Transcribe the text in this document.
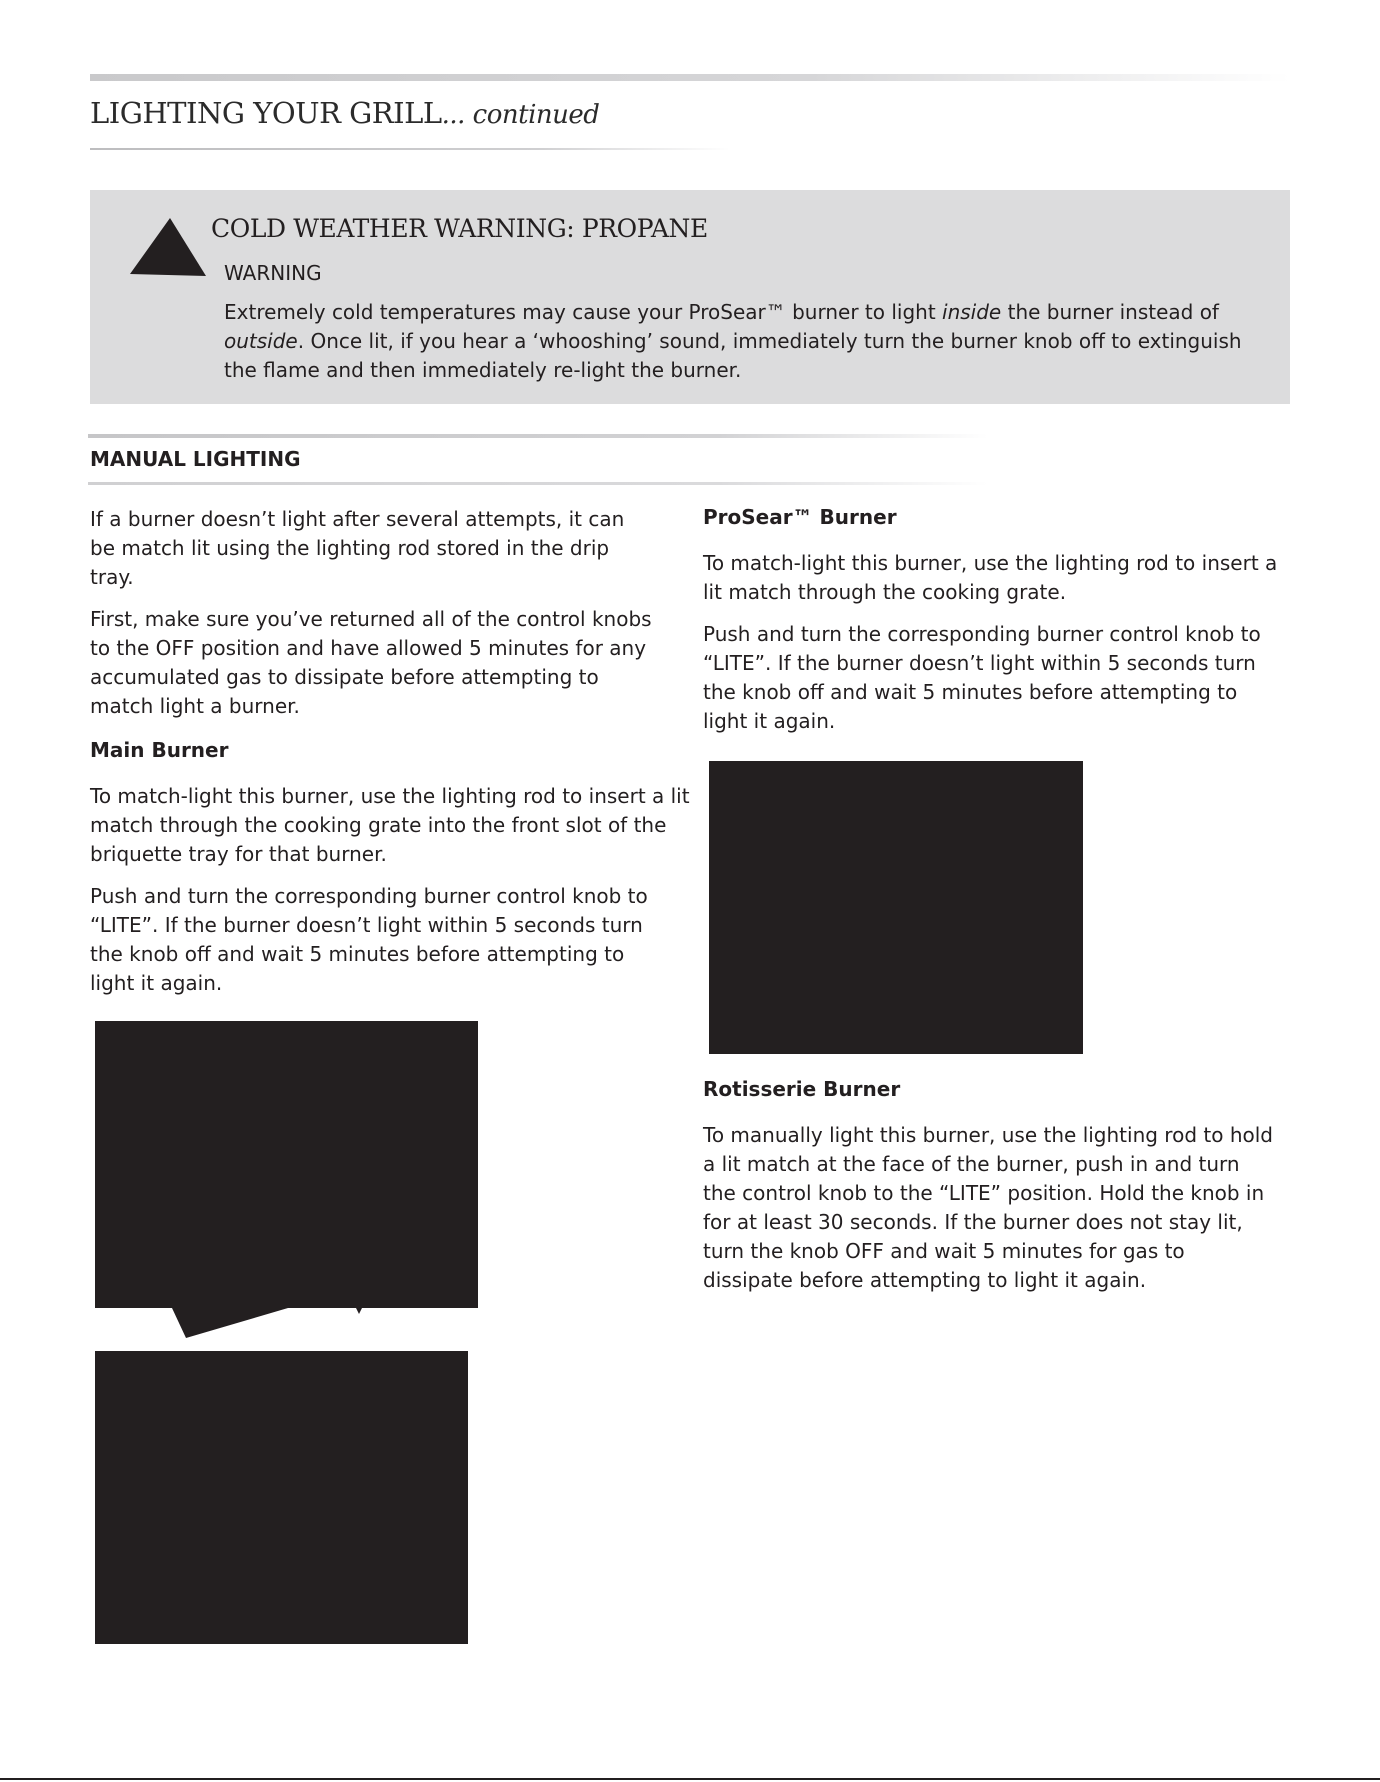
LIGHTING YOUR GRILL... continued
COLD WEATHER WARNING: PROPANE
WARNING

Extremely cold temperatures may cause your ProSear™ burner to light inside the burner instead of outside. Once lit, if you hear a ‘whooshing’ sound, immediately turn the burner knob off to extinguish the flame and then immediately re-light the burner.

MANUAL LIGHTING

If a burner doesn’t light after several attempts, it can be match lit using the lighting rod stored in the drip tray.

First, make sure you’ve returned all of the control knobs to the OFF position and have allowed 5 minutes for any accumulated gas to dissipate before attempting to match light a burner.

Main Burner

To match-light this burner, use the lighting rod to insert a lit match through the cooking grate into the front slot of the briquette tray for that burner.

Push and turn the corresponding burner control knob to “LITE”. If the burner doesn’t light within 5 seconds turn the knob off and wait 5 minutes before attempting to light it again.

ProSear™ Burner

To match-light this burner, use the lighting rod to insert a lit match through the cooking grate.

Push and turn the corresponding burner control knob to “LITE”. If the burner doesn’t light within 5 seconds turn the knob off and wait 5 minutes before attempting to light it again.

Rotisserie Burner

To manually light this burner, use the lighting rod to hold a lit match at the face of the burner, push in and turn the control knob to the “LITE” position. Hold the knob in for at least 30 seconds. If the burner does not stay lit, turn the knob OFF and wait 5 minutes for gas to dissipate before attempting to light it again.
